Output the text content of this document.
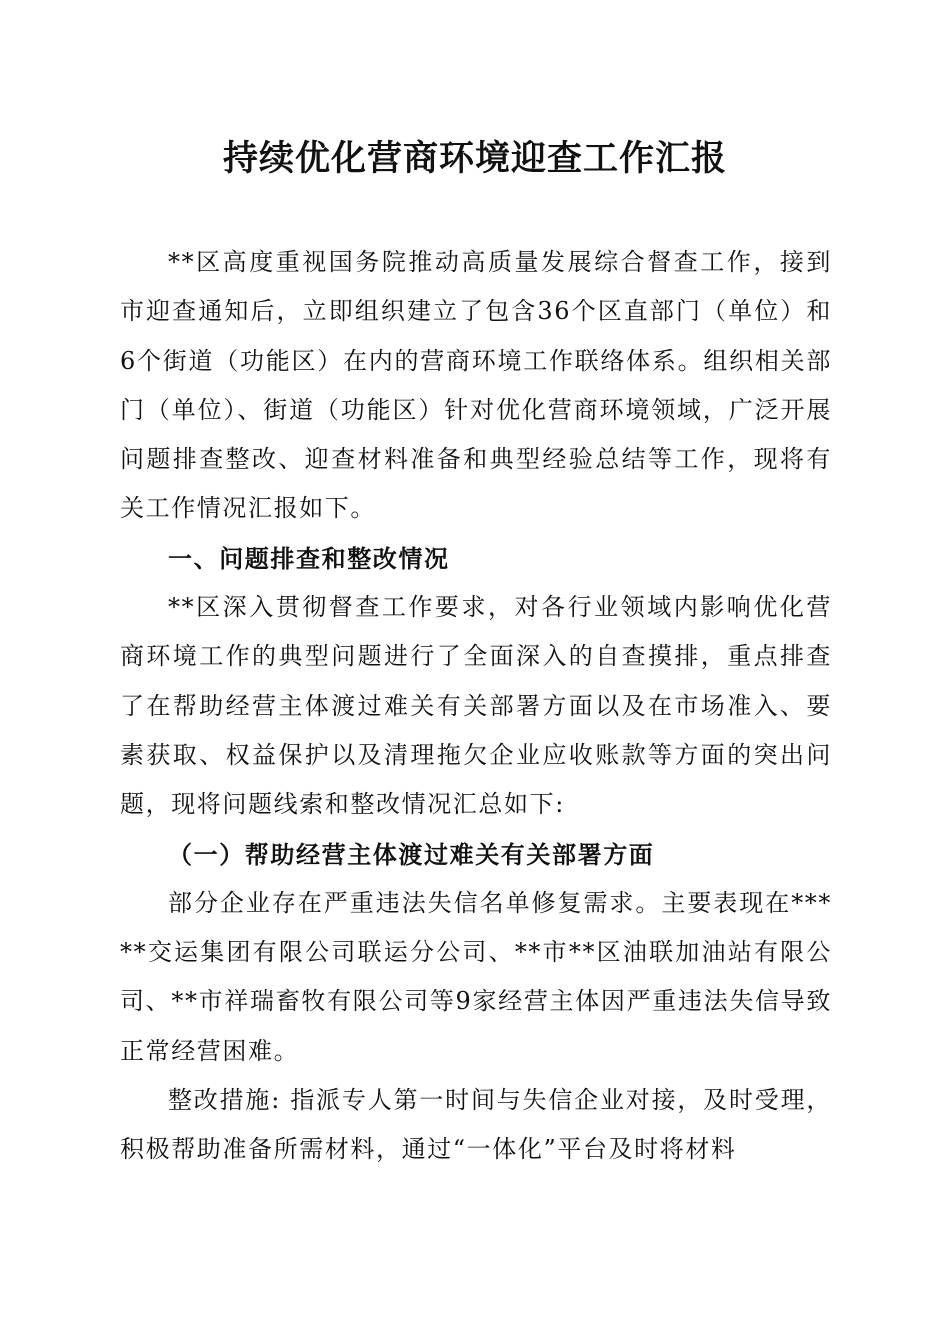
持续优化营商环境迎查工作汇报

**区高度重视国务院推动高质量发展综合督查工作，接到市迎查通知后，立即组织建立了包含36个区直部门（单位）和6个街道（功能区）在内的营商环境工作联络体系。组织相关部门（单位）、街道（功能区）针对优化营商环境领域，广泛开展问题排查整改、迎查材料准备和典型经验总结等工作，现将有关工作情况汇报如下。

一、问题排查和整改情况

**区深入贯彻督查工作要求，对各行业领域内影响优化营商环境工作的典型问题进行了全面深入的自查摸排，重点排查了在帮助经营主体渡过难关有关部署方面以及在市场准入、要素获取、权益保护以及清理拖欠企业应收账款等方面的突出问题，现将问题线索和整改情况汇总如下:

（一）帮助经营主体渡过难关有关部署方面

部分企业存在严重违法失信名单修复需求。主要表现在*****交运集团有限公司联运分公司、**市**区油联加油站有限公司、**市祥瑞畜牧有限公司等9家经营主体因严重违法失信导致正常经营困难。

整改措施: 指派专人第一时间与失信企业对接，及时受理，积极帮助准备所需材料，通过“一体化”平台及时将材料
